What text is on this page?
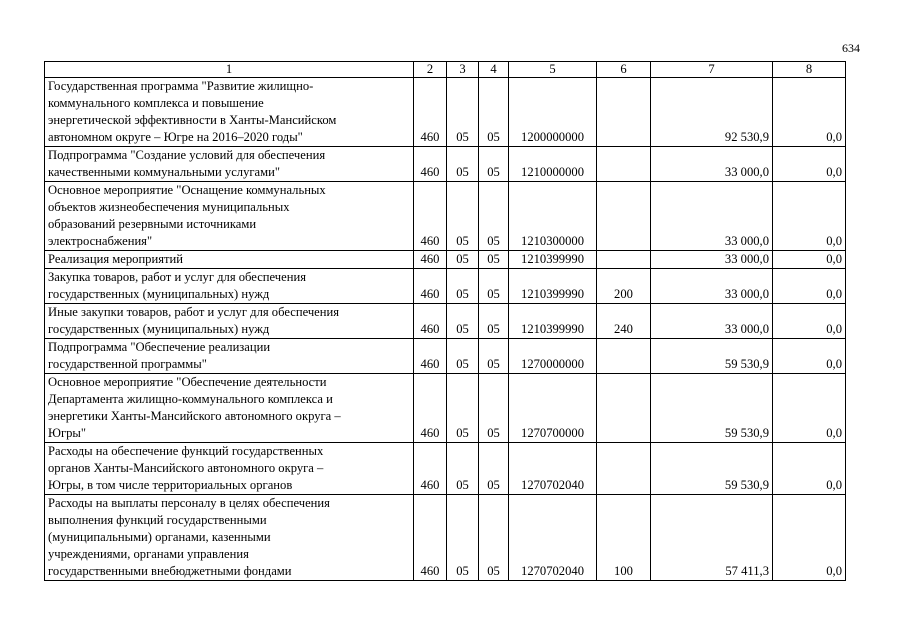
634
1	2	3	4	5	6	7	8
Государственная программа "Развитие жилищно-
коммунального комплекса и повышение
энергетической эффективности в Ханты-Мансийском
автономном округе – Югре на 2016–2020 годы"	460	05	05	1200000000		92 530,9	0,0
Подпрограмма "Создание условий для обеспечения
качественными коммунальными услугами"	460	05	05	1210000000		33 000,0	0,0
Основное мероприятие "Оснащение коммунальных
объектов жизнеобеспечения муниципальных
образований резервными источниками
электроснабжения"	460	05	05	1210300000		33 000,0	0,0
Реализация мероприятий	460	05	05	1210399990		33 000,0	0,0
Закупка товаров, работ и услуг для обеспечения
государственных (муниципальных) нужд	460	05	05	1210399990	200	33 000,0	0,0
Иные закупки товаров, работ и услуг для обеспечения
государственных (муниципальных) нужд	460	05	05	1210399990	240	33 000,0	0,0
Подпрограмма "Обеспечение реализации
государственной программы"	460	05	05	1270000000		59 530,9	0,0
Основное мероприятие "Обеспечение деятельности
Департамента жилищно-коммунального комплекса и
энергетики Ханты-Мансийского автономного округа –
Югры"	460	05	05	1270700000		59 530,9	0,0
Расходы на обеспечение функций государственных
органов Ханты-Мансийского автономного округа –
Югры, в том числе территориальных органов	460	05	05	1270702040		59 530,9	0,0
Расходы на выплаты персоналу в целях обеспечения
выполнения функций государственными
(муниципальными) органами, казенными
учреждениями, органами управления
государственными внебюджетными фондами	460	05	05	1270702040	100	57 411,3	0,0
